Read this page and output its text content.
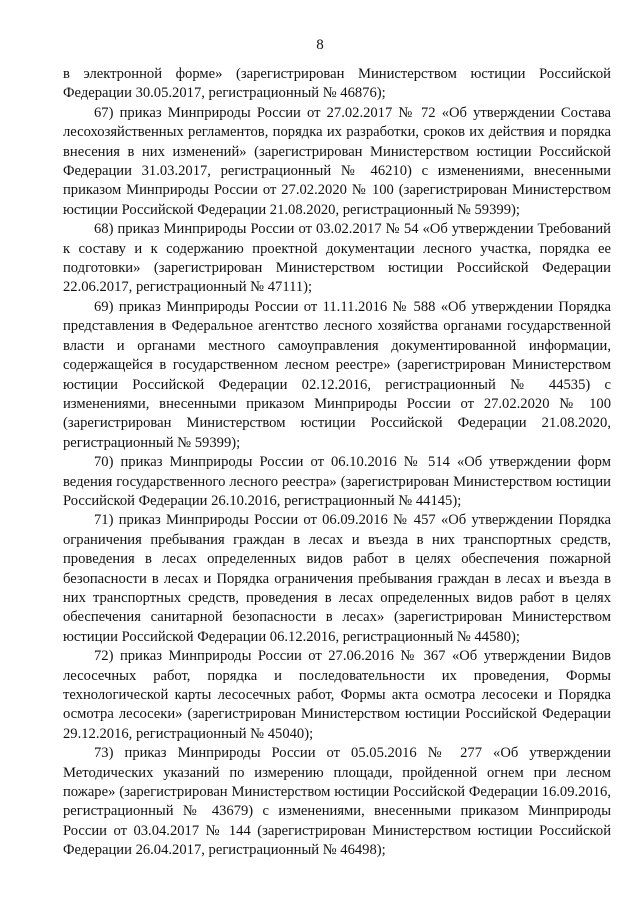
8

в электронной форме» (зарегистрирован Министерством юстиции Российской Федерации 30.05.2017, регистрационный № 46876);

67) приказ Минприроды России от 27.02.2017 № 72 «Об утверждении Состава лесохозяйственных регламентов, порядка их разработки, сроков их действия и порядка внесения в них изменений» (зарегистрирован Министерством юстиции Российской Федерации 31.03.2017, регистрационный № 46210) с изменениями, внесенными приказом Минприроды России от 27.02.2020 № 100 (зарегистрирован Министерством юстиции Российской Федерации 21.08.2020, регистрационный № 59399);

68) приказ Минприроды России от 03.02.2017 № 54 «Об утверждении Требований к составу и к содержанию проектной документации лесного участка, порядка ее подготовки» (зарегистрирован Министерством юстиции Российской Федерации 22.06.2017, регистрационный № 47111);

69) приказ Минприроды России от 11.11.2016 № 588 «Об утверждении Порядка представления в Федеральное агентство лесного хозяйства органами государственной власти и органами местного самоуправления документированной информации, содержащейся в государственном лесном реестре» (зарегистрирован Министерством юстиции Российской Федерации 02.12.2016, регистрационный № 44535) с изменениями, внесенными приказом Минприроды России от 27.02.2020 № 100 (зарегистрирован Министерством юстиции Российской Федерации 21.08.2020, регистрационный № 59399);

70) приказ Минприроды России от 06.10.2016 № 514 «Об утверждении форм ведения государственного лесного реестра» (зарегистрирован Министерством юстиции Российской Федерации 26.10.2016, регистрационный № 44145);

71) приказ Минприроды России от 06.09.2016 № 457 «Об утверждении Порядка ограничения пребывания граждан в лесах и въезда в них транспортных средств, проведения в лесах определенных видов работ в целях обеспечения пожарной безопасности в лесах и Порядка ограничения пребывания граждан в лесах и въезда в них транспортных средств, проведения в лесах определенных видов работ в целях обеспечения санитарной безопасности в лесах» (зарегистрирован Министерством юстиции Российской Федерации 06.12.2016, регистрационный № 44580);

72) приказ Минприроды России от 27.06.2016 № 367 «Об утверждении Видов лесосечных работ, порядка и последовательности их проведения, Формы технологической карты лесосечных работ, Формы акта осмотра лесосеки и Порядка осмотра лесосеки» (зарегистрирован Министерством юстиции Российской Федерации 29.12.2016, регистрационный № 45040);

73) приказ Минприроды России от 05.05.2016 № 277 «Об утверждении Методических указаний по измерению площади, пройденной огнем при лесном пожаре» (зарегистрирован Министерством юстиции Российской Федерации 16.09.2016, регистрационный № 43679) с изменениями, внесенными приказом Минприроды России от 03.04.2017 № 144 (зарегистрирован Министерством юстиции Российской Федерации 26.04.2017, регистрационный № 46498);
